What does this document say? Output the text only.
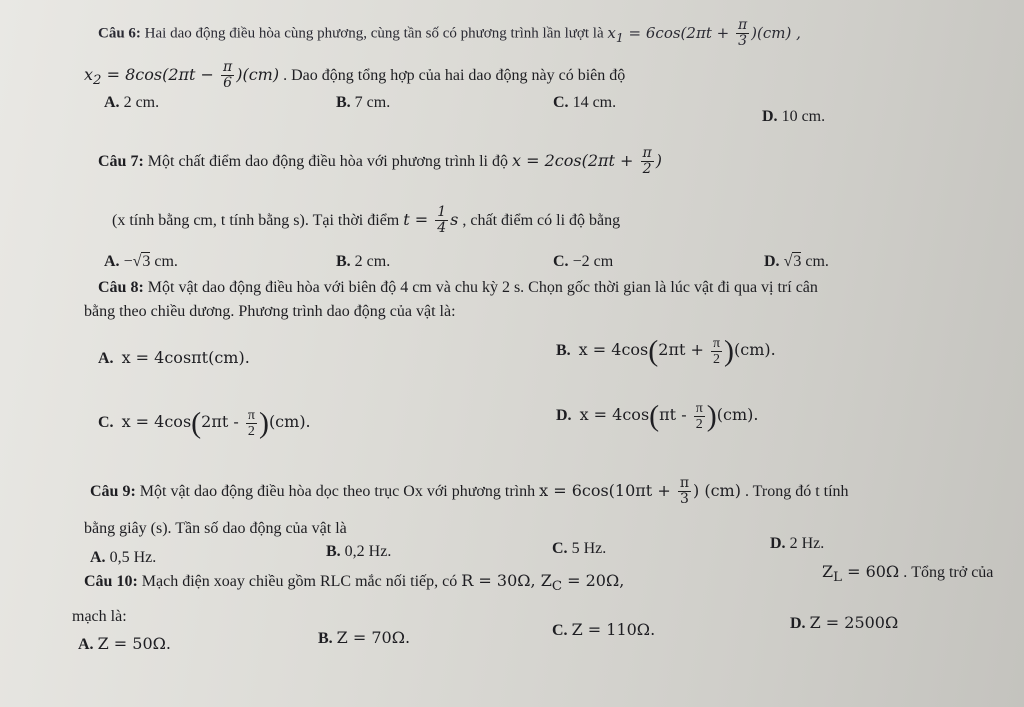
Câu 6: Hai dao động điều hòa cùng phương, cùng tần số có phương trình lần lượt là $x_1 = 6\cos(2\pi t + \frac{\pi}{3} )(cm)$ ,
$x_2 = 8\cos(2\pi t - \frac{\pi}{6} )(cm)$ . Dao động tổng hợp của hai dao động này có biên độ
A. 2 cm.	B. 7 cm.	C. 14 cm.
D. 10 cm.
Câu 7: Một chất điểm dao động điều hòa với phương trình li độ $x = 2\cos(2\pi t + \frac{\pi}{2}$ )
(x tính bằng cm, t tính bằng s). Tại thời điểm $t = \frac{1}{4}$ s , chất điểm có li độ bằng
A. −√3 cm.	B. 2 cm.	C. −2 cm	D. √3 cm.
Câu 8: Một vật dao động điều hòa với biên độ 4 cm và chu kỳ 2 s. Chọn gốc thời gian là lúc vật đi qua vị trí cân
bằng theo chiều dương. Phương trình dao động của vật là:
A. x = 4cosπt(cm).	B. $x = 4\cos(2\pi t + \frac{\pi}{2} )(cm)$.
C. $x = 4\cos(2\pi t - \frac{\pi}{2} )(cm)$.	D. $x = 4\cos(\pi t - \frac{\pi}{2} )(cm)$.
Câu 9: Một vật dao động điều hòa dọc theo trục Ox với phương trình $x = 6\cos(10\pi t + \frac{\pi}{3}$ ) (cm) . Trong đó t tính
bằng giây (s). Tần số dao động của vật là
A. 0,5 Hz.	B. 0,2 Hz.	C. 5 Hz.	D. 2 Hz.
Câu 10: Mạch điện xoay chiều gồm RLC mắc nối tiếp, có R = 30Ω, $Z_C = 20\Omega$,	$Z_L = 60\Omega$ . Tổng trở của
mạch là:
A. Z = 50Ω.	B. Z = 70Ω.	C. Z = 110Ω.	D. Z = 2500Ω
